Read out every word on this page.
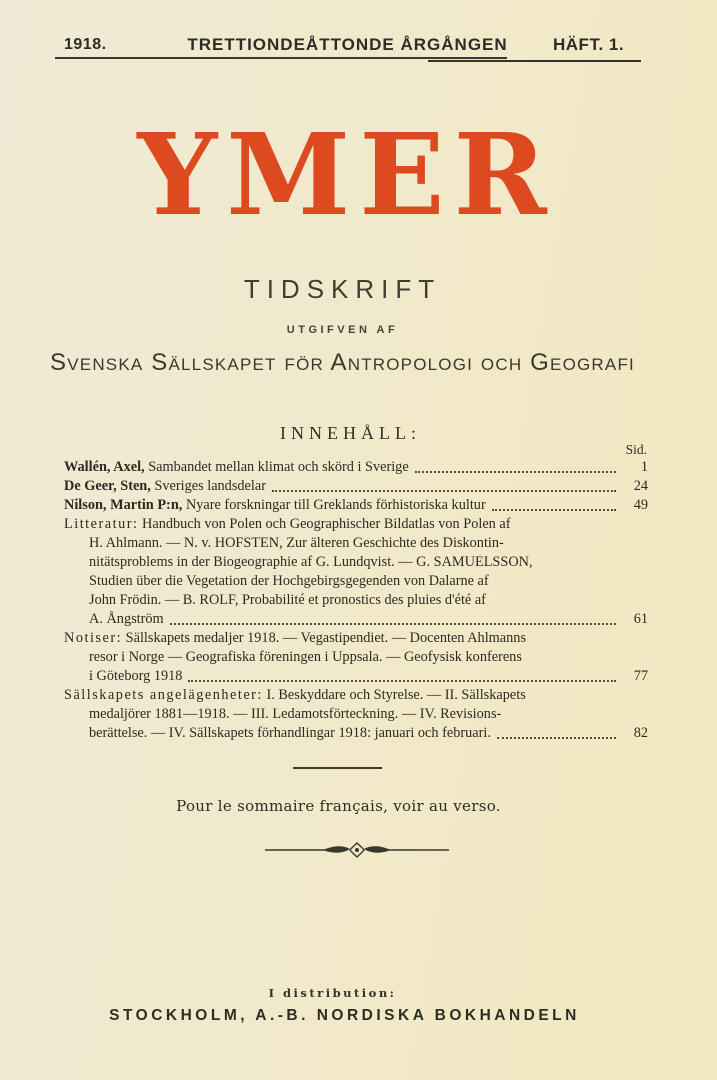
1918.	TRETTIONDEÅTTONDE ÅRGÅNGEN	HÄFT. 1.
YMER
TIDSKRIFT
UTGIFVEN AF
Svenska Sällskapet för Antropologi och Geografi
INNEHÅLL:
Sid.
Wallén, Axel, Sambandet mellan klimat och skörd i Sverige	1
De Geer, Sten, Sveriges landsdelar	24
Nilson, Martin P:n, Nyare forskningar till Greklands förhistoriska kultur	49
Litteratur: Handbuch von Polen och Geographischer Bildatlas von Polen af
H. Ahlmann. — N. v. HOFSTEN, Zur älteren Geschichte des Diskontin-
nitätsproblems in der Biogeographie af G. Lundqvist. — G. SAMUELSSON,
Studien über die Vegetation der Hochgebirgsgegenden von Dalarne af
John Frödin. — B. ROLF, Probabilité et pronostics des pluies d'été af
A. Ångström	61
Notiser: Sällskapets medaljer 1918. — Vegastipendiet. — Docenten Ahlmanns
resor i Norge — Geografiska föreningen i Uppsala. — Geofysisk konferens
i Göteborg 1918	77
Sällskapets angelägenheter: I. Beskyddare och Styrelse. — II. Sällskapets
medaljörer 1881—1918. — III. Ledamotsförteckning. — IV. Revisions-
berättelse. — IV. Sällskapets förhandlingar 1918: januari och februari.	82
Pour le sommaire français, voir au verso.
I distribution:
STOCKHOLM, A.-B. NORDISKA BOKHANDELN
